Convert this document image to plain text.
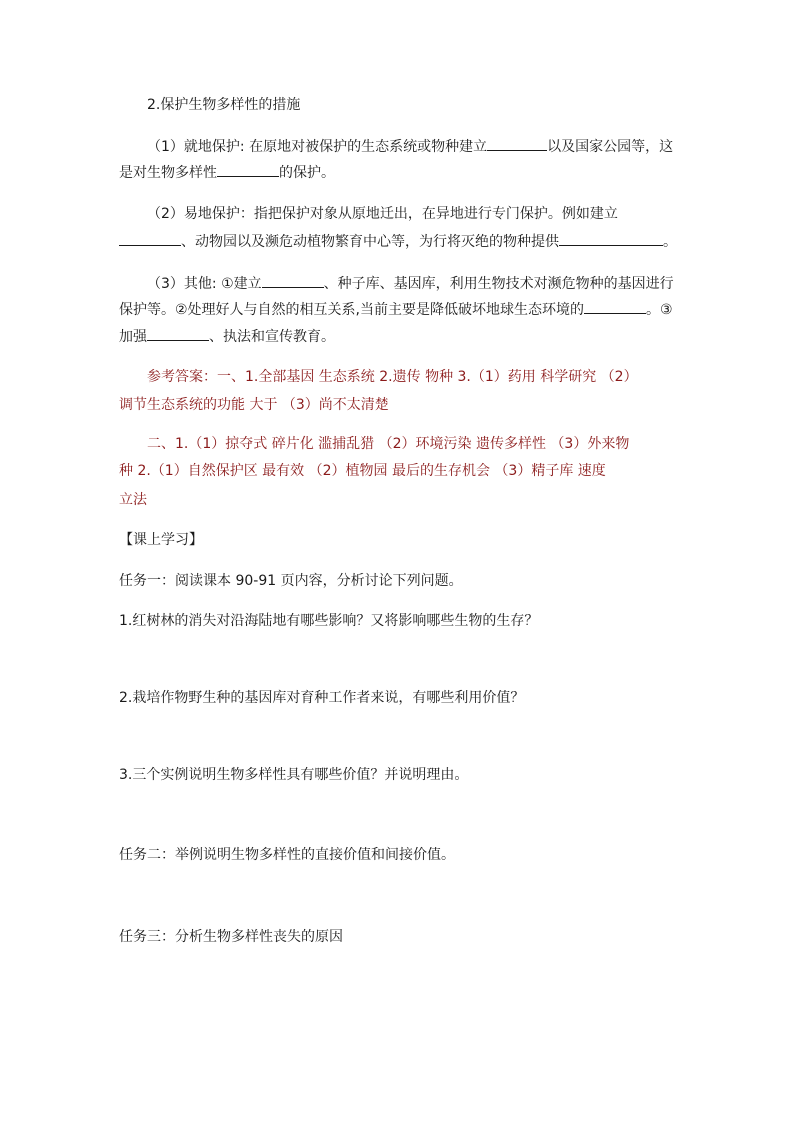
2.保护生物多样性的措施
（1）就地保护: 在原地对被保护的生态系统或物种建立	以及国家公园等，这
是对生物多样性	的保护。
（2）易地保护：指把保护对象从原地迁出，在异地进行专门保护。例如建立
、动物园以及濒危动植物繁育中心等，为行将灭绝的物种提供	。
（3）其他: ①建立	、种子库、基因库，利用生物技术对濒危物种的基因进行
保护等。②处理好人与自然的相互关系,当前主要是降低破坏地球生态环境的	。③
加强	、执法和宣传教育。
参考答案：一、1.全部基因 生态系统 2.遗传 物种 3.（1）药用 科学研究 （2）
调节生态系统的功能 大于 （3）尚不太清楚
二、1.（1）掠夺式 碎片化 滥捕乱猎 （2）环境污染 遗传多样性 （3）外来物
种 2.（1）自然保护区 最有效 （2）植物园 最后的生存机会 （3）精子库 速度
立法
【课上学习】
任务一：阅读课本 90-91 页内容，分析讨论下列问题。
1.红树林的消失对沿海陆地有哪些影响？又将影响哪些生物的生存？
2.栽培作物野生种的基因库对育种工作者来说，有哪些利用价值？
3.三个实例说明生物多样性具有哪些价值？并说明理由。
任务二：举例说明生物多样性的直接价值和间接价值。
任务三：分析生物多样性丧失的原因
